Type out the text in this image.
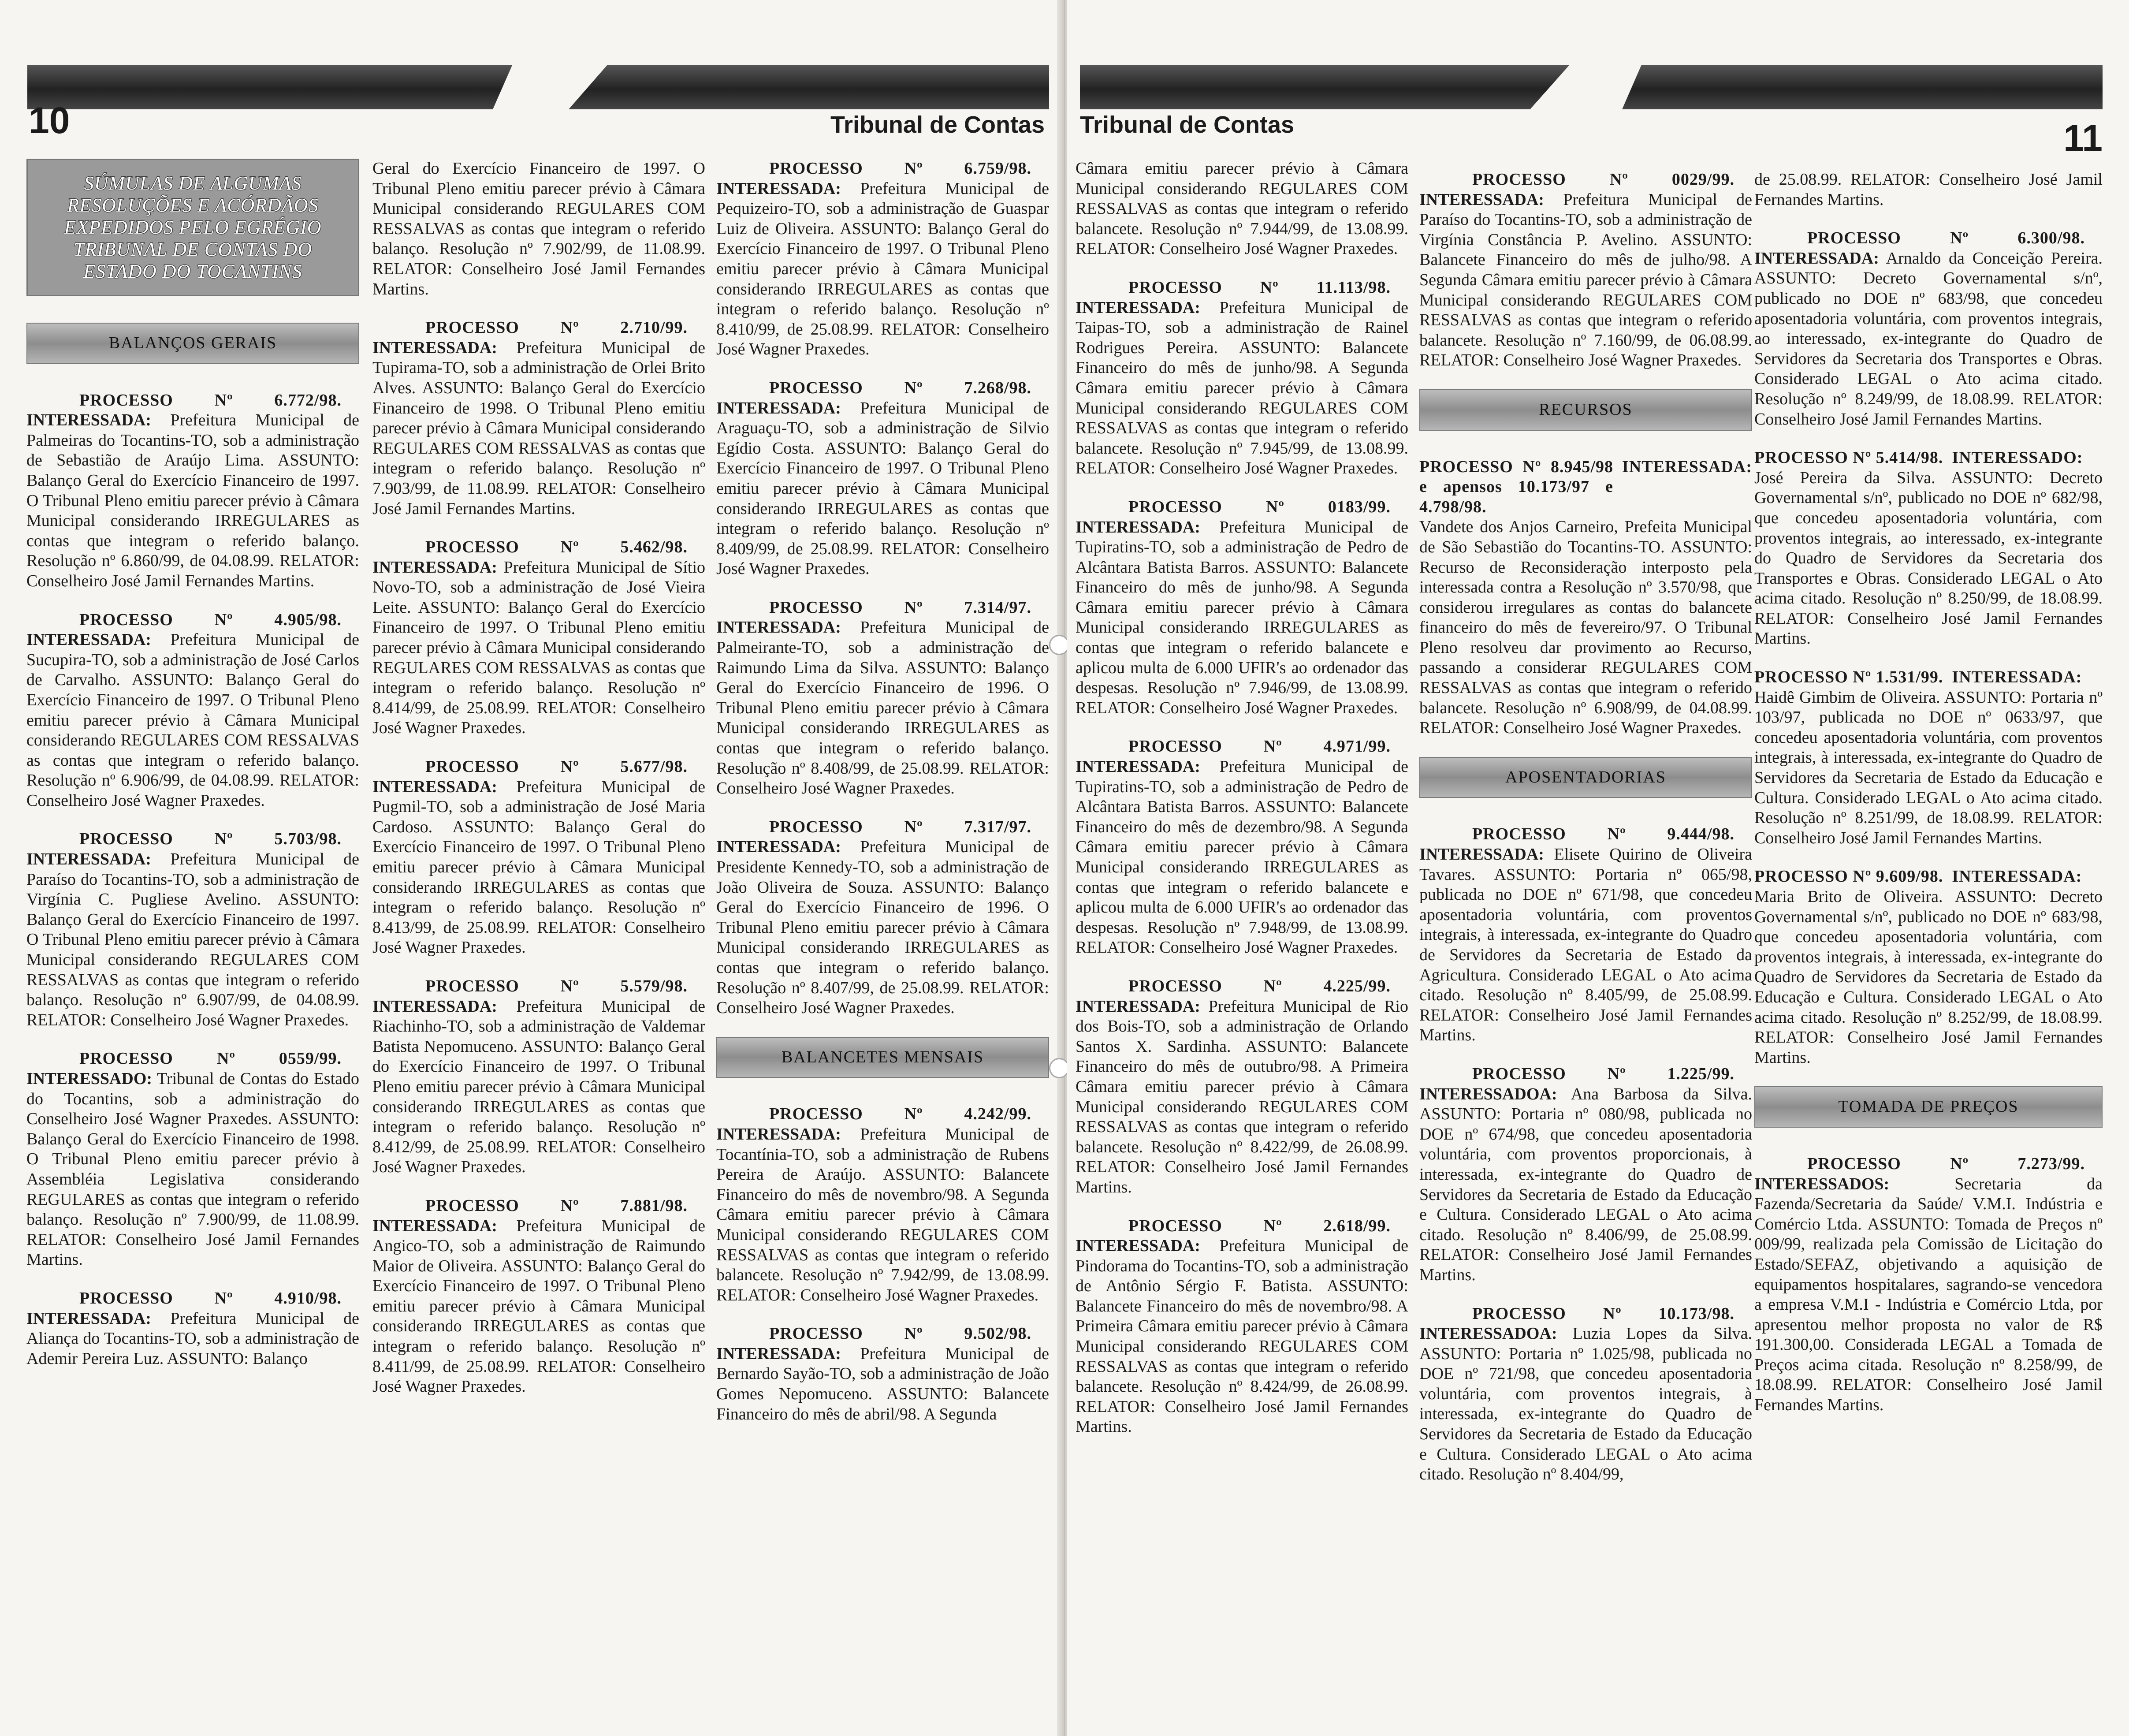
10	Tribunal de Contas
SÚMULAS DE ALGUMAS RESOLUÇÕES E ACÓRDÃOS EXPEDIDOS PELO EGRÉGIO TRIBUNAL DE CONTAS DO ESTADO DO TOCANTINS
BALANÇOS GERAIS

PROCESSO Nº 6.772/98.

INTERESSADA: Prefeitura Municipal de Palmeiras do Tocantins-TO, sob a administração de Sebastião de Araújo Lima. ASSUNTO: Balanço Geral do Exercício Financeiro de 1997. O Tribunal Pleno emitiu parecer prévio à Câmara Municipal considerando IRREGULARES as contas que integram o referido balanço. Resolução nº 6.860/99, de 04.08.99. RELATOR: Conselheiro José Jamil Fernandes Martins.

PROCESSO Nº 4.905/98.

INTERESSADA: Prefeitura Municipal de Sucupira-TO, sob a administração de José Carlos de Carvalho. ASSUNTO: Balanço Geral do Exercício Financeiro de 1997. O Tribunal Pleno emitiu parecer prévio à Câmara Municipal considerando REGULARES COM RESSALVAS as contas que integram o referido balanço. Resolução nº 6.906/99, de 04.08.99. RELATOR: Conselheiro José Wagner Praxedes.

PROCESSO Nº 5.703/98.

INTERESSADA: Prefeitura Municipal de Paraíso do Tocantins-TO, sob a administração de Virgínia C. Pugliese Avelino. ASSUNTO: Balanço Geral do Exercício Financeiro de 1997. O Tribunal Pleno emitiu parecer prévio à Câmara Municipal considerando REGULARES COM RESSALVAS as contas que integram o referido balanço. Resolução nº 6.907/99, de 04.08.99. RELATOR: Conselheiro José Wagner Praxedes.

PROCESSO	Nº	0559/99.

INTERESSADO: Tribunal de Contas do Estado do Tocantins, sob a administração do Conselheiro José Wagner Praxedes. ASSUNTO: Balanço Geral do Exercício Financeiro de 1998. O Tribunal Pleno emitiu parecer prévio à Assembléia Legislativa considerando REGULARES as contas que integram o referido balanço. Resolução nº 7.900/99, de 11.08.99. RELATOR: Conselheiro José Jamil Fernandes Martins.

PROCESSO Nº 4.910/98.

INTERESSADA: Prefeitura Municipal de Aliança do Tocantins-TO, sob a administração de Ademir Pereira Luz. ASSUNTO: Balanço

Geral do Exercício Financeiro de 1997. O Tribunal Pleno emitiu parecer prévio à Câmara Municipal considerando REGULARES COM RESSALVAS as contas que integram o referido balanço. Resolução nº 7.902/99, de 11.08.99. RELATOR: Conselheiro José Jamil Fernandes Martins.

PROCESSO Nº 2.710/99.

INTERESSADA: Prefeitura Municipal de Tupirama-TO, sob a administração de Orlei Brito Alves. ASSUNTO: Balanço Geral do Exercício Financeiro de 1998. O Tribunal Pleno emitiu parecer prévio à Câmara Municipal considerando REGULARES COM RESSALVAS as contas que integram o referido balanço. Resolução nº 7.903/99, de 11.08.99. RELATOR: Conselheiro José Jamil Fernandes Martins.

PROCESSO Nº 5.462/98.

INTERESSADA: Prefeitura Municipal de Sítio Novo-TO, sob a administração de José Vieira Leite. ASSUNTO: Balanço Geral do Exercício Financeiro de 1997. O Tribunal Pleno emitiu parecer prévio à Câmara Municipal considerando REGULARES COM RESSALVAS as contas que integram o referido balanço. Resolução nº 8.414/99, de 25.08.99. RELATOR: Conselheiro José Wagner Praxedes.

PROCESSO Nº 5.677/98.

INTERESSADA: Prefeitura Municipal de Pugmil-TO, sob a administração de José Maria Cardoso. ASSUNTO: Balanço Geral do Exercício Financeiro de 1997. O Tribunal Pleno emitiu parecer prévio à Câmara Municipal considerando IRREGULARES as contas que integram o referido balanço. Resolução nº 8.413/99, de 25.08.99. RELATOR: Conselheiro José Wagner Praxedes.

PROCESSO Nº 5.579/98.

INTERESSADA: Prefeitura Municipal de Riachinho-TO, sob a administração de Valdemar Batista Nepomuceno. ASSUNTO: Balanço Geral do Exercício Financeiro de 1997. O Tribunal Pleno emitiu parecer prévio à Câmara Municipal considerando IRREGULARES as contas que integram o referido balanço. Resolução nº 8.412/99, de 25.08.99. RELATOR: Conselheiro José Wagner Praxedes.

PROCESSO Nº 7.881/98.

INTERESSADA: Prefeitura Municipal de Angico-TO, sob a administração de Raimundo Maior de Oliveira. ASSUNTO: Balanço Geral do Exercício Financeiro de 1997. O Tribunal Pleno emitiu parecer prévio à Câmara Municipal considerando IRREGULARES as contas que integram o referido balanço. Resolução nº 8.411/99, de 25.08.99. RELATOR: Conselheiro José Wagner Praxedes.

PROCESSO Nº 6.759/98.

INTERESSADA: Prefeitura Municipal de Pequizeiro-TO, sob a administração de Guaspar Luiz de Oliveira. ASSUNTO: Balanço Geral do Exercício Financeiro de 1997. O Tribunal Pleno emitiu parecer prévio à Câmara Municipal considerando IRREGULARES as contas que integram o referido balanço. Resolução nº 8.410/99, de 25.08.99. RELATOR: Conselheiro José Wagner Praxedes.

PROCESSO Nº 7.268/98.

INTERESSADA: Prefeitura Municipal de Araguaçu-TO, sob a administração de Silvio Egídio Costa. ASSUNTO: Balanço Geral do Exercício Financeiro de 1997. O Tribunal Pleno emitiu parecer prévio à Câmara Municipal considerando IRREGULARES as contas que integram o referido balanço. Resolução nº 8.409/99, de 25.08.99. RELATOR: Conselheiro José Wagner Praxedes.

PROCESSO Nº 7.314/97.

INTERESSADA: Prefeitura Municipal de Palmeirante-TO, sob a administração de Raimundo Lima da Silva. ASSUNTO: Balanço Geral do Exercício Financeiro de 1996. O Tribunal Pleno emitiu parecer prévio à Câmara Municipal considerando IRREGULARES as contas que integram o referido balanço. Resolução nº 8.408/99, de 25.08.99. RELATOR: Conselheiro José Wagner Praxedes.

PROCESSO Nº 7.317/97.

INTERESSADA: Prefeitura Municipal de Presidente Kennedy-TO, sob a administração de João Oliveira de Souza. ASSUNTO: Balanço Geral do Exercício Financeiro de 1996. O Tribunal Pleno emitiu parecer prévio à Câmara Municipal considerando IRREGULARES as contas que integram o referido balanço. Resolução nº 8.407/99, de 25.08.99. RELATOR: Conselheiro José Wagner Praxedes.

BALANCETES MENSAIS

PROCESSO Nº 4.242/99.

INTERESSADA: Prefeitura Municipal de Tocantínia-TO, sob a administração de Rubens Pereira de Araújo. ASSUNTO: Balancete Financeiro do mês de novembro/98. A Segunda Câmara emitiu parecer prévio à Câmara Municipal considerando REGULARES COM RESSALVAS as contas que integram o referido balancete. Resolução nº 7.942/99, de 13.08.99. RELATOR: Conselheiro José Wagner Praxedes.

PROCESSO Nº 9.502/98.

INTERESSADA: Prefeitura Municipal de Bernardo Sayão-TO, sob a administração de João Gomes Nepomuceno. ASSUNTO: Balancete Financeiro do mês de abril/98. A Segunda

Tribunal de Contas	11

Câmara emitiu parecer prévio à Câmara Municipal considerando REGULARES COM RESSALVAS as contas que integram o referido balancete. Resolução nº 7.944/99, de 13.08.99. RELATOR: Conselheiro José Wagner Praxedes.

PROCESSO Nº 11.113/98.

INTERESSADA: Prefeitura Municipal de Taipas-TO, sob a administração de Rainel Rodrigues Pereira. ASSUNTO: Balancete Financeiro do mês de junho/98. A Segunda Câmara emitiu parecer prévio à Câmara Municipal considerando REGULARES COM RESSALVAS as contas que integram o referido balancete. Resolução nº 7.945/99, de 13.08.99. RELATOR: Conselheiro José Wagner Praxedes.

PROCESSO	Nº	0183/99.

INTERESSADA: Prefeitura Municipal de Tupiratins-TO, sob a administração de Pedro de Alcântara Batista Barros. ASSUNTO: Balancete Financeiro do mês de junho/98. A Segunda Câmara emitiu parecer prévio à Câmara Municipal considerando IRREGULARES as contas que integram o referido balancete e aplicou multa de 6.000 UFIR's ao ordenador das despesas. Resolução nº 7.946/99, de 13.08.99. RELATOR: Conselheiro José Wagner Praxedes.

PROCESSO Nº 4.971/99.

INTERESSADA: Prefeitura Municipal de Tupiratins-TO, sob a administração de Pedro de Alcântara Batista Barros. ASSUNTO: Balancete Financeiro do mês de dezembro/98. A Segunda Câmara emitiu parecer prévio à Câmara Municipal considerando IRREGULARES as contas que integram o referido balancete e aplicou multa de 6.000 UFIR's ao ordenador das despesas. Resolução nº 7.948/99, de 13.08.99. RELATOR: Conselheiro José Wagner Praxedes.

PROCESSO Nº 4.225/99.

INTERESSADA: Prefeitura Municipal de Rio dos Bois-TO, sob a administração de Orlando Santos X. Sardinha. ASSUNTO: Balancete Financeiro do mês de outubro/98. A Primeira Câmara emitiu parecer prévio à Câmara Municipal considerando REGULARES COM RESSALVAS as contas que integram o referido balancete. Resolução nº 8.422/99, de 26.08.99. RELATOR: Conselheiro José Jamil Fernandes Martins.

PROCESSO Nº 2.618/99.

INTERESSADA: Prefeitura Municipal de Pindorama do Tocantins-TO, sob a administração de Antônio Sérgio F. Batista. ASSUNTO: Balancete Financeiro do mês de novembro/98. A Primeira Câmara emitiu parecer prévio à Câmara Municipal considerando REGULARES COM RESSALVAS as contas que integram o referido balancete. Resolução nº 8.424/99, de 26.08.99. RELATOR: Conselheiro José Jamil Fernandes Martins.

PROCESSO	Nº	0029/99.

INTERESSADA: Prefeitura Municipal de Paraíso do Tocantins-TO, sob a administração de Virgínia Constância P. Avelino. ASSUNTO: Balancete Financeiro do mês de julho/98. A Segunda Câmara emitiu parecer prévio à Câmara Municipal considerando REGULARES COM RESSALVAS as contas que integram o referido balancete. Resolução nº 7.160/99, de 06.08.99. RELATOR: Conselheiro José Wagner Praxedes.

RECURSOS

PROCESSO Nº 8.945/98 e apensos 10.173/97 e 4.798/98.
INTERESSADA:

Vandete dos Anjos Carneiro, Prefeita Municipal de São Sebastião do Tocantins-TO. ASSUNTO: Recurso de Reconsideração interposto pela interessada contra a Resolução nº 3.570/98, que considerou irregulares as contas do balancete financeiro do mês de fevereiro/97. O Tribunal Pleno resolveu dar provimento ao Recurso, passando a considerar REGULARES COM RESSALVAS as contas que integram o referido balancete. Resolução nº 6.908/99, de 04.08.99. RELATOR: Conselheiro José Wagner Praxedes.

APOSENTADORIAS

PROCESSO Nº 9.444/98.

INTERESSADA: Elisete Quirino de Oliveira Tavares. ASSUNTO: Portaria nº 065/98, publicada no DOE nº 671/98, que concedeu aposentadoria voluntária, com proventos integrais, à interessada, ex-integrante do Quadro de Servidores da Secretaria de Estado da Agricultura. Considerado LEGAL o Ato acima citado. Resolução nº 8.405/99, de 25.08.99. RELATOR: Conselheiro José Jamil Fernandes Martins.

PROCESSO Nº 1.225/99.

INTERESSADOA: Ana Barbosa da Silva. ASSUNTO: Portaria nº 080/98, publicada no DOE nº 674/98, que concedeu aposentadoria voluntária, com proventos proporcionais, à interessada, ex-integrante do Quadro de Servidores da Secretaria de Estado da Educação e Cultura. Considerado LEGAL o Ato acima citado. Resolução nº 8.406/99, de 25.08.99. RELATOR: Conselheiro José Jamil Fernandes Martins.

PROCESSO Nº 10.173/98.

INTERESSADOA: Luzia Lopes da Silva. ASSUNTO: Portaria nº 1.025/98, publicada no DOE nº 721/98, que concedeu aposentadoria voluntária, com proventos integrais, à interessada, ex-integrante do Quadro de Servidores da Secretaria de Estado da Educação e Cultura. Considerado LEGAL o Ato acima citado. Resolução nº 8.404/99,

de 25.08.99. RELATOR: Conselheiro José Jamil Fernandes Martins.

PROCESSO	Nº	6.300/98.

INTERESSADA: Arnaldo da Conceição Pereira. ASSUNTO: Decreto Governamental s/nº, publicado no DOE nº 683/98, que concedeu aposentadoria voluntária, com proventos integrais, ao interessado, ex-integrante do Quadro de Servidores da Secretaria dos Transportes e Obras. Considerado LEGAL o Ato acima citado. Resolução nº 8.249/99, de 18.08.99. RELATOR: Conselheiro José Jamil Fernandes Martins.

PROCESSO Nº 5.414/98. INTERESSADO:

José Pereira da Silva. ASSUNTO: Decreto Governamental s/nº, publicado no DOE nº 682/98, que concedeu aposentadoria voluntária, com proventos integrais, ao interessado, ex-integrante do Quadro de Servidores da Secretaria dos Transportes e Obras. Considerado LEGAL o Ato acima citado. Resolução nº 8.250/99, de 18.08.99. RELATOR: Conselheiro José Jamil Fernandes Martins.

PROCESSO Nº 1.531/99. INTERESSADA:

Haidê Gimbim de Oliveira. ASSUNTO: Portaria nº 103/97, publicada no DOE nº 0633/97, que concedeu aposentadoria voluntária, com proventos integrais, à interessada, ex-integrante do Quadro de Servidores da Secretaria de Estado da Educação e Cultura. Considerado LEGAL o Ato acima citado. Resolução nº 8.251/99, de 18.08.99. RELATOR: Conselheiro José Jamil Fernandes Martins.

PROCESSO Nº 9.609/98. INTERESSADA:

Maria Brito de Oliveira. ASSUNTO: Decreto Governamental s/nº, publicado no DOE nº 683/98, que concedeu aposentadoria voluntária, com proventos integrais, à interessada, ex-integrante do Quadro de Servidores da Secretaria de Estado da Educação e Cultura. Considerado LEGAL o Ato acima citado. Resolução nº 8.252/99, de 18.08.99. RELATOR: Conselheiro José Jamil Fernandes Martins.

TOMADA DE PREÇOS

PROCESSO	Nº	7.273/99.

INTERESSADOS:	Secretaria da Fazenda/Secretaria da Saúde/ V.M.I. Indústria e Comércio Ltda. ASSUNTO: Tomada de Preços nº 009/99, realizada pela Comissão de Licitação do Estado/SEFAZ, objetivando a aquisição de equipamentos hospitalares, sagrando-se vencedora a empresa V.M.I - Indústria e Comércio Ltda, por apresentou melhor proposta no valor de R$ 191.300,00. Considerada LEGAL a Tomada de Preços acima citada. Resolução nº 8.258/99, de 18.08.99. RELATOR: Conselheiro José Jamil Fernandes Martins.
